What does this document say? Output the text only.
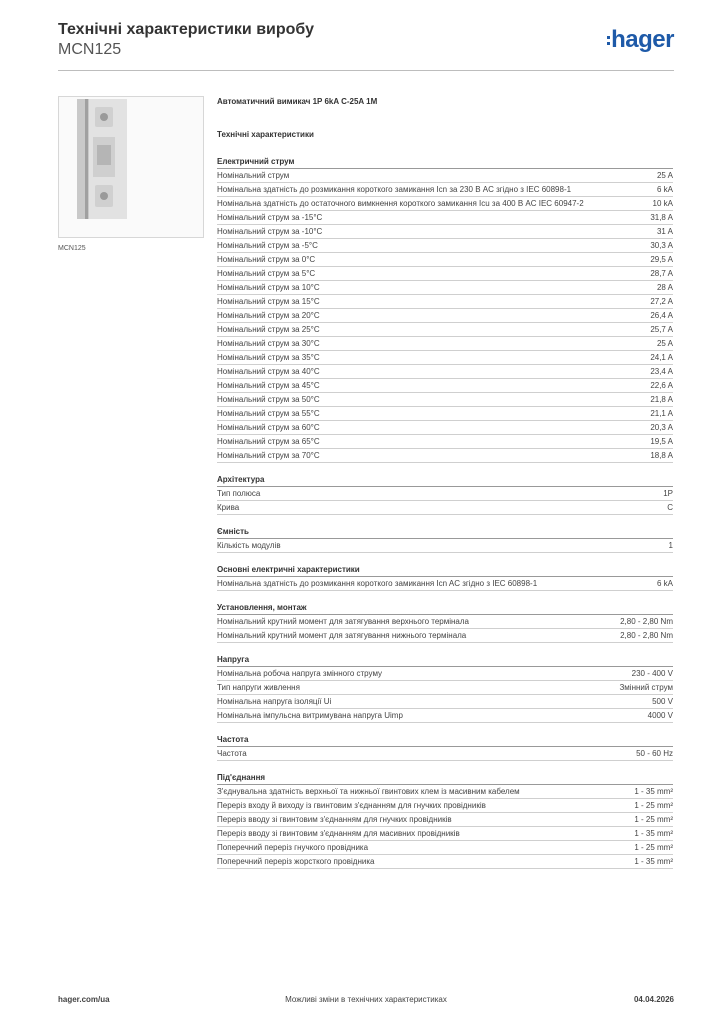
Технічні характеристики виробу
MCN125	hager
MCN125
Автоматичний вимикач 1P 6kA C-25A 1M
Технічні характеристики
Електричний струм
Номінальний струм	25 A
Номінальна здатність до розмикання короткого замикання Icn за 230 В AC згідно з IEC 60898-1	6 kA
Номінальна здатність до остаточного вимкнення короткого замикання Icu за 400 В AC IEC 60947-2	10 kA
Номінальний струм за -15°C	31,8 A
Номінальний струм за -10°C	31 A
Номінальний струм за -5°C	30,3 A
Номінальний струм за 0°C	29,5 A
Номінальний струм за 5°C	28,7 A
Номінальний струм за 10°C	28 A
Номінальний струм за 15°C	27,2 A
Номінальний струм за 20°C	26,4 A
Номінальний струм за 25°C	25,7 A
Номінальний струм за 30°C	25 A
Номінальний струм за 35°C	24,1 A
Номінальний струм за 40°C	23,4 A
Номінальний струм за 45°C	22,6 A
Номінальний струм за 50°C	21,8 A
Номінальний струм за 55°C	21,1 A
Номінальний струм за 60°C	20,3 A
Номінальний струм за 65°C	19,5 A
Номінальний струм за 70°C	18,8 A
Архітектура
Тип полюса	1P
Крива	C
Ємність
Кількість модулів	1
Основні електричні характеристики
Номінальна здатність до розмикання короткого замикання Icn AC згідно з IEC 60898-1	6 kA
Установлення, монтаж
Номінальний крутний момент для затягування верхнього термінала	2,80 - 2,80 Nm
Номінальний крутний момент для затягування нижнього термінала	2,80 - 2,80 Nm
Напруга
Номінальна робоча напруга змінного струму	230 - 400 V
Тип напруги живлення	Змінний струм
Номінальна напруга ізоляції Ui	500 V
Номінальна імпульсна витримувана напруга Uimp	4000 V
Частота
Частота	50 - 60 Hz
Під'єднання
З'єднувальна здатність верхньої та нижньої гвинтових клем із масивним кабелем	1 - 35 mm²
Переріз входу й виходу із гвинтовим з'єднанням для гнучких провідників	1 - 25 mm²
Переріз вводу зі гвинтовим з'єднанням для гнучких провідників	1 - 25 mm²
Переріз вводу зі гвинтовим з'єднанням для масивних провідників	1 - 35 mm²
Поперечний переріз гнучкого провідника	1 - 25 mm²
Поперечний переріз жорсткого провідника	1 - 35 mm²
hager.com/ua	Можливі зміни в технічних характеристиках	04.04.2026
